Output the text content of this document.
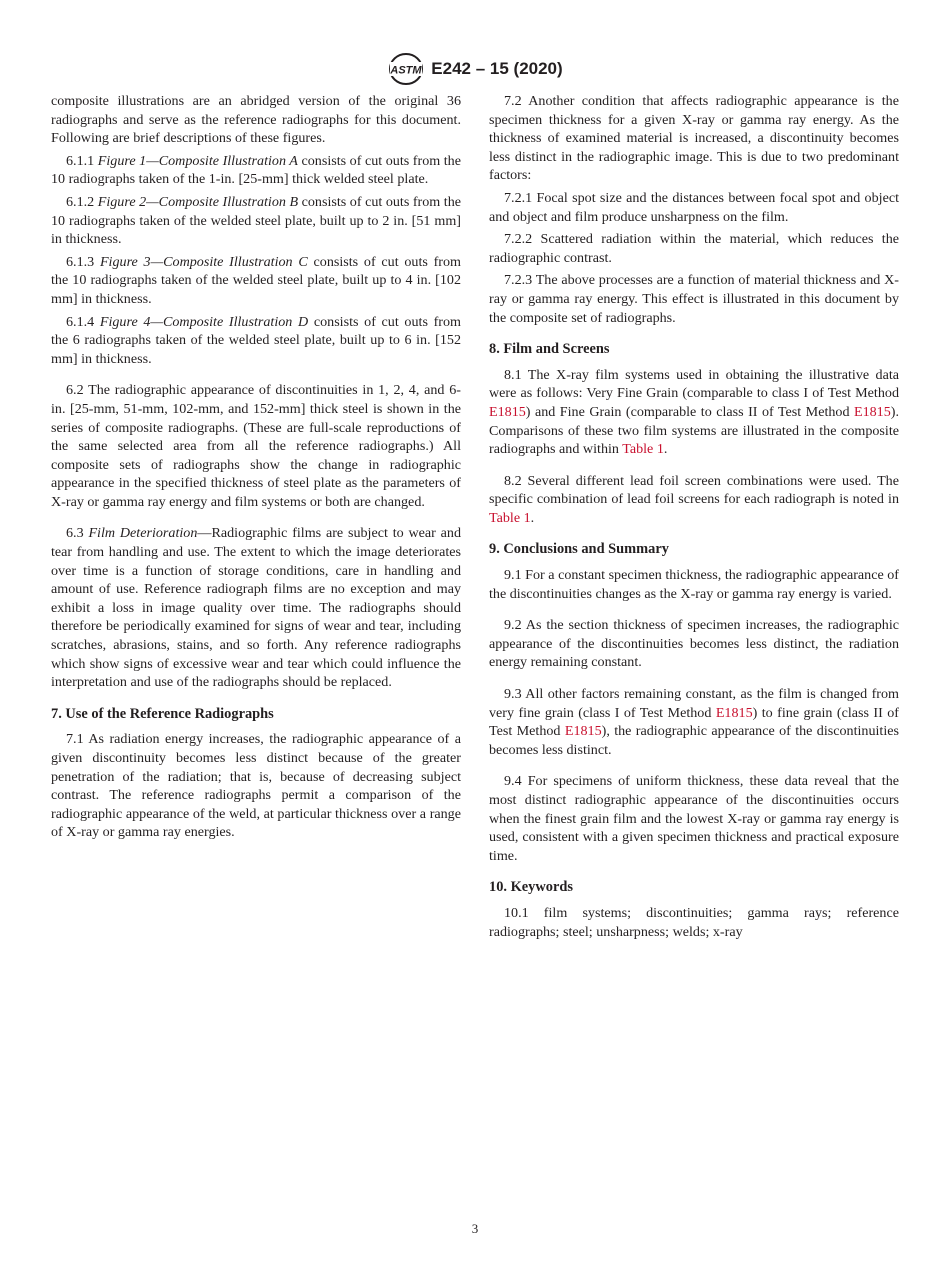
ASTM E242 – 15 (2020)

composite illustrations are an abridged version of the original 36 radiographs and serve as the reference radiographs for this document. Following are brief descriptions of these figures.

6.1.1 Figure 1—Composite Illustration A consists of cut outs from the 10 radiographs taken of the 1-in. [25-mm] thick welded steel plate.

6.1.2 Figure 2—Composite Illustration B consists of cut outs from the 10 radiographs taken of the welded steel plate, built up to 2 in. [51 mm] in thickness.

6.1.3 Figure 3—Composite Illustration C consists of cut outs from the 10 radiographs taken of the welded steel plate, built up to 4 in. [102 mm] in thickness.

6.1.4 Figure 4—Composite Illustration D consists of cut outs from the 6 radiographs taken of the welded steel plate, built up to 6 in. [152 mm] in thickness.

6.2 The radiographic appearance of discontinuities in 1, 2, 4, and 6-in. [25-mm, 51-mm, 102-mm, and 152-mm] thick steel is shown in the series of composite radiographs. (These are full-scale reproductions of the same selected area from all the reference radiographs.) All composite sets of radiographs show the change in radiographic appearance in the specified thickness of steel plate as the parameters of X-ray or gamma ray energy and film systems or both are changed.

6.3 Film Deterioration—Radiographic films are subject to wear and tear from handling and use. The extent to which the image deteriorates over time is a function of storage conditions, care in handling and amount of use. Reference radiograph films are no exception and may exhibit a loss in image quality over time. The radiographs should therefore be periodically examined for signs of wear and tear, including scratches, abrasions, stains, and so forth. Any reference radiographs which show signs of excessive wear and tear which could influence the interpretation and use of the radiographs should be replaced.

7. Use of the Reference Radiographs

7.1 As radiation energy increases, the radiographic appearance of a given discontinuity becomes less distinct because of the greater penetration of the radiation; that is, because of decreasing subject contrast. The reference radiographs permit a comparison of the radiographic appearance of the weld, at particular thickness over a range of X-ray or gamma ray energies.

7.2 Another condition that affects radiographic appearance is the specimen thickness for a given X-ray or gamma ray energy. As the thickness of examined material is increased, a discontinuity becomes less distinct in the radiographic image. This is due to two predominant factors:

7.2.1 Focal spot size and the distances between focal spot and object and object and film produce unsharpness on the film.

7.2.2 Scattered radiation within the material, which reduces the radiographic contrast.

7.2.3 The above processes are a function of material thickness and X-ray or gamma ray energy. This effect is illustrated in this document by the composite set of radiographs.

8. Film and Screens

8.1 The X-ray film systems used in obtaining the illustrative data were as follows: Very Fine Grain (comparable to class I of Test Method E1815) and Fine Grain (comparable to class II of Test Method E1815). Comparisons of these two film systems are illustrated in the composite radiographs and within Table 1.

8.2 Several different lead foil screen combinations were used. The specific combination of lead foil screens for each radiograph is noted in Table 1.

9. Conclusions and Summary

9.1 For a constant specimen thickness, the radiographic appearance of the discontinuities changes as the X-ray or gamma ray energy is varied.

9.2 As the section thickness of specimen increases, the radiographic appearance of the discontinuities becomes less distinct, the radiation energy remaining constant.

9.3 All other factors remaining constant, as the film is changed from very fine grain (class I of Test Method E1815) to fine grain (class II of Test Method E1815), the radiographic appearance of the discontinuities becomes less distinct.

9.4 For specimens of uniform thickness, these data reveal that the most distinct radiographic appearance of the discontinuities occurs when the finest grain film and the lowest X-ray or gamma ray energy is used, consistent with a given specimen thickness and practical exposure time.

10. Keywords

10.1 film systems; discontinuities; gamma rays; reference radiographs; steel; unsharpness; welds; x-ray

3
